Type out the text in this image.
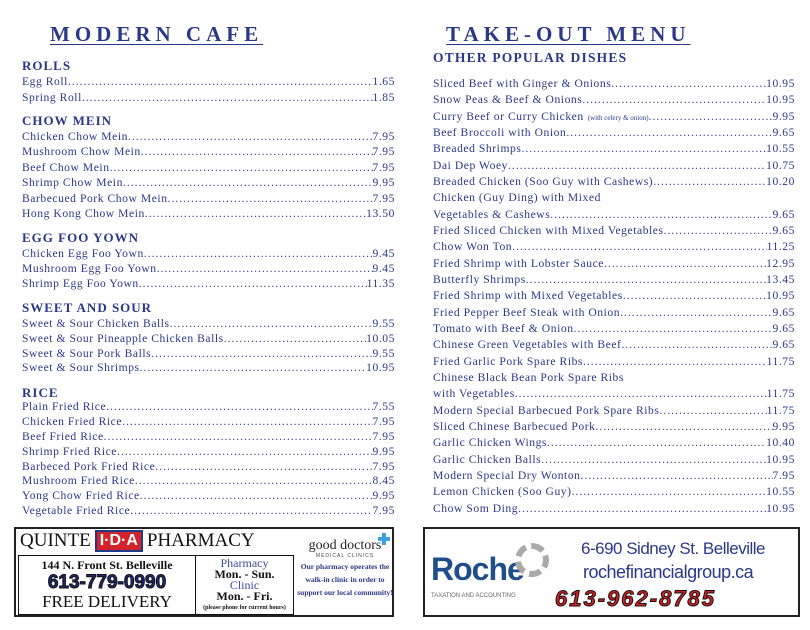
MODERN CAFE	TAKE-OUT MENU
ROLLS
Egg Roll .....	1.65
Spring Roll .....	1.85
CHOW MEIN
Chicken Chow Mein .....	7.95
Mushroom Chow Mein .....	7.95
Beef Chow Mein .....	7.95
Shrimp Chow Mein .....	9.95
Barbecued Pork Chow Mein .....	7.95
Hong Kong Chow Mein .....	13.50
EGG FOO YOWN
Chicken Egg Foo Yown .....	9.45
Mushroom Egg Foo Yown .....	9.45
Shrimp Egg Foo Yown .....	11.35
SWEET AND SOUR
Sweet & Sour Chicken Balls .....	9.55
Sweet & Sour Pineapple Chicken Balls .....	10.05
Sweet & Sour Pork Balls .....	9.55
Sweet & Sour Shrimps .....	10.95
RICE
Plain Fried Rice .....	7.55
Chicken Fried Rice .....	7.95
Beef Fried Rice .....	7.95
Shrimp Fried Rice .....	9.95
Barbeced Pork Fried Rice .....	7.95
Mushroom Fried Rice .....	8.45
Yong Chow Fried Rice .....	9.95
Vegetable Fried Rice .....	7.95
OTHER POPULAR DISHES
Sliced Beef with Ginger & Onions .....	10.95
Snow Peas & Beef & Onions .....	10.95
Curry Beef or Curry Chicken (with celery & onion) .....	9.95
Beef Broccoli with Onion .....	9.65
Breaded Shrimps .....	10.55
Dai Dep Woey .....	10.75
Breaded Chicken (Soo Guy with Cashews) .....	10.20
Chicken (Guy Ding) with Mixed
Vegetables & Cashews .....	9.65
Fried Sliced Chicken with Mixed Vegetables .....	9.65
Chow Won Ton .....	11.25
Fried Shrimp with Lobster Sauce .....	12.95
Butterfly Shrimps .....	13.45
Fried Shrimp with Mixed Vegetables .....	10.95
Fried Pepper Beef Steak with Onion .....	9.65
Tomato with Beef & Onion .....	9.65
Chinese Green Vegetables with Beef .....	9.65
Fried Garlic Pork Spare Ribs .....	11.75
Chinese Black Bean Pork Spare Ribs
with Vegetables .....	11.75
Modern Special Barbecued Pork Spare Ribs .....	11.75
Sliced Chinese Barbecued Pork .....	9.95
Garlic Chicken Wings .....	10.40
Garlic Chicken Balls .....	10.95
Modern Special Dry Wonton .....	7.95
Lemon Chicken (Soo Guy) .....	10.55
Chow Som Ding .....	10.95
QUINTE I·D·A PHARMACY
144 N. Front St. Belleville
613-779-0990
FREE DELIVERY
Pharmacy
Mon. - Sun.
Clinic
Mon. - Fri.
(please phone for current hours)
good doctors
MEDICAL CLINICS
Our pharmacy operates the walk-in clinic in order to support our local community!
Roche
TAXATION AND ACCOUNTING
6-690 Sidney St. Belleville
rochefinancialgroup.ca
613-962-8785
